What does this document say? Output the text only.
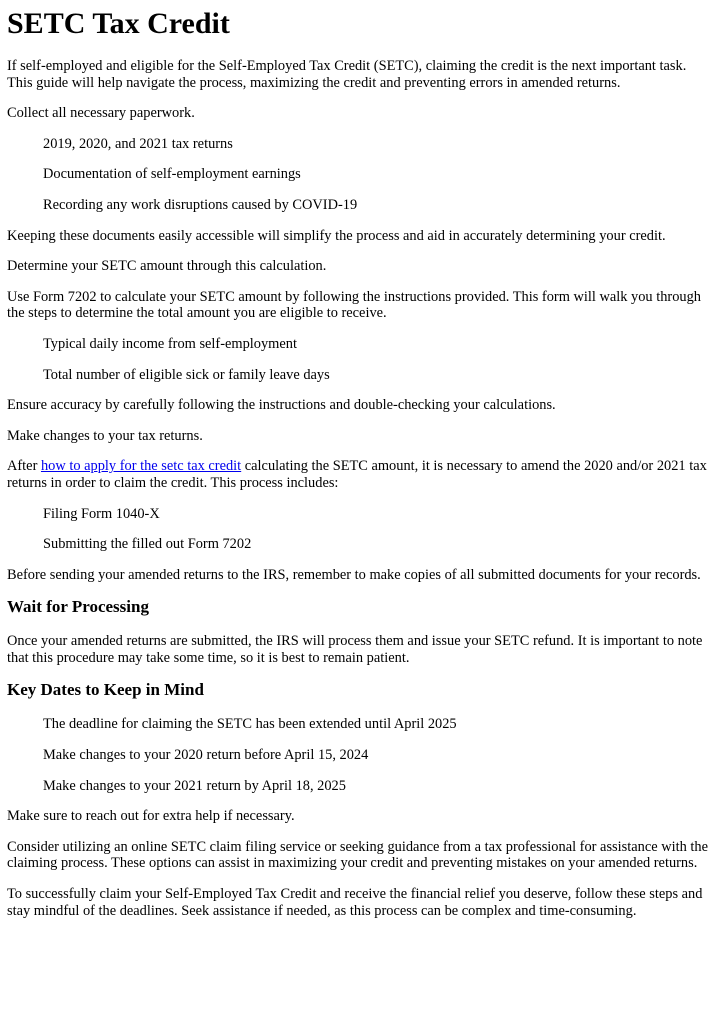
SETC Tax Credit

If self-employed and eligible for the Self-Employed Tax Credit (SETC), claiming the credit is the next important task. This guide will help navigate the process, maximizing the credit and preventing errors in amended returns.

Collect all necessary paperwork.

2019, 2020, and 2021 tax returns
Documentation of self-employment earnings
Recording any work disruptions caused by COVID-19

Keeping these documents easily accessible will simplify the process and aid in accurately determining your credit.

Determine your SETC amount through this calculation.

Use Form 7202 to calculate your SETC amount by following the instructions provided. This form will walk you through the steps to determine the total amount you are eligible to receive.

Typical daily income from self-employment
Total number of eligible sick or family leave days

Ensure accuracy by carefully following the instructions and double-checking your calculations.

Make changes to your tax returns.

After how to apply for the setc tax credit calculating the SETC amount, it is necessary to amend the 2020 and/or 2021 tax returns in order to claim the credit. This process includes:

Filing Form 1040-X
Submitting the filled out Form 7202

Before sending your amended returns to the IRS, remember to make copies of all submitted documents for your records.

Wait for Processing

Once your amended returns are submitted, the IRS will process them and issue your SETC refund. It is important to note that this procedure may take some time, so it is best to remain patient.

Key Dates to Keep in Mind
The deadline for claiming the SETC has been extended until April 2025
Make changes to your 2020 return before April 15, 2024
Make changes to your 2021 return by April 18, 2025

Make sure to reach out for extra help if necessary.

Consider utilizing an online SETC claim filing service or seeking guidance from a tax professional for assistance with the claiming process. These options can assist in maximizing your credit and preventing mistakes on your amended returns.

To successfully claim your Self-Employed Tax Credit and receive the financial relief you deserve, follow these steps and stay mindful of the deadlines. Seek assistance if needed, as this process can be complex and time-consuming.
